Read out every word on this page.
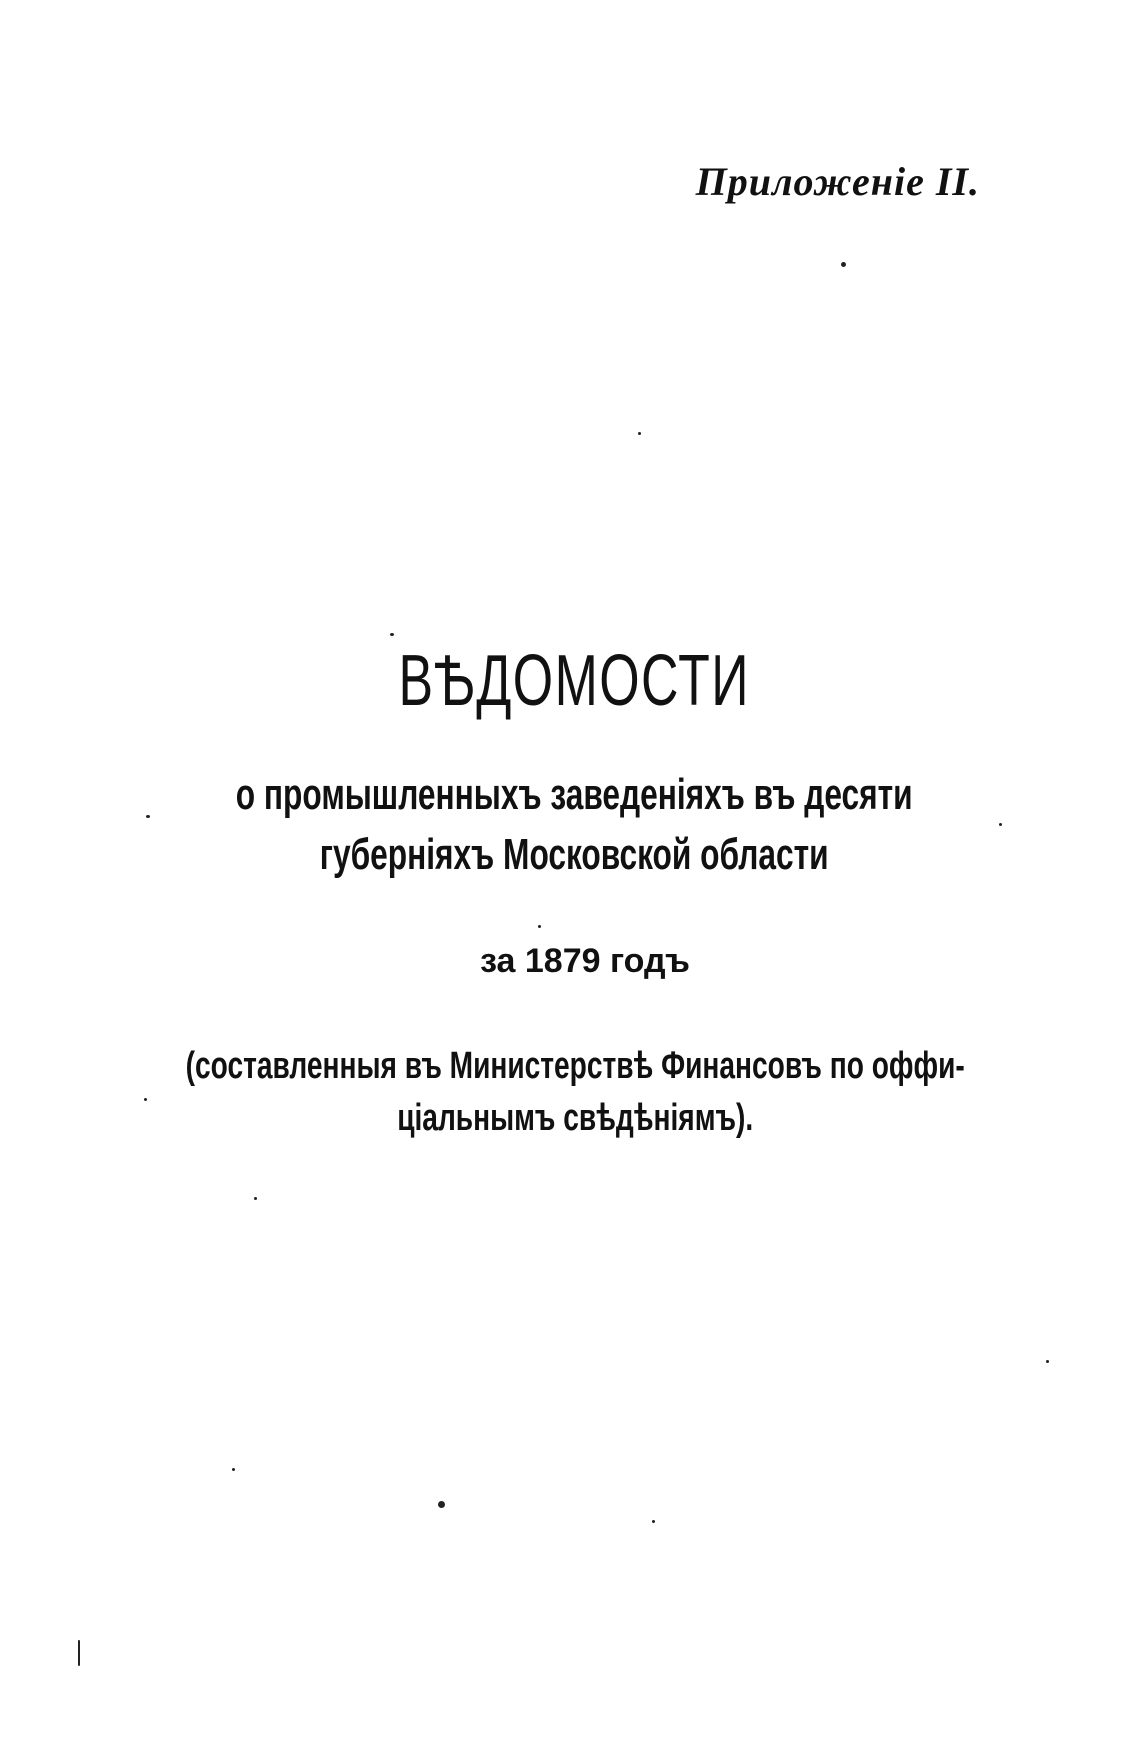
Приложеніе II.
ВѢДОМОСТИ
о промышленныхъ заведеніяхъ въ десяти
губерніяхъ Московской области
за 1879 годъ
(составленныя въ Министерствѣ Финансовъ по оффи-
ціальнымъ свѣдѣніямъ).
